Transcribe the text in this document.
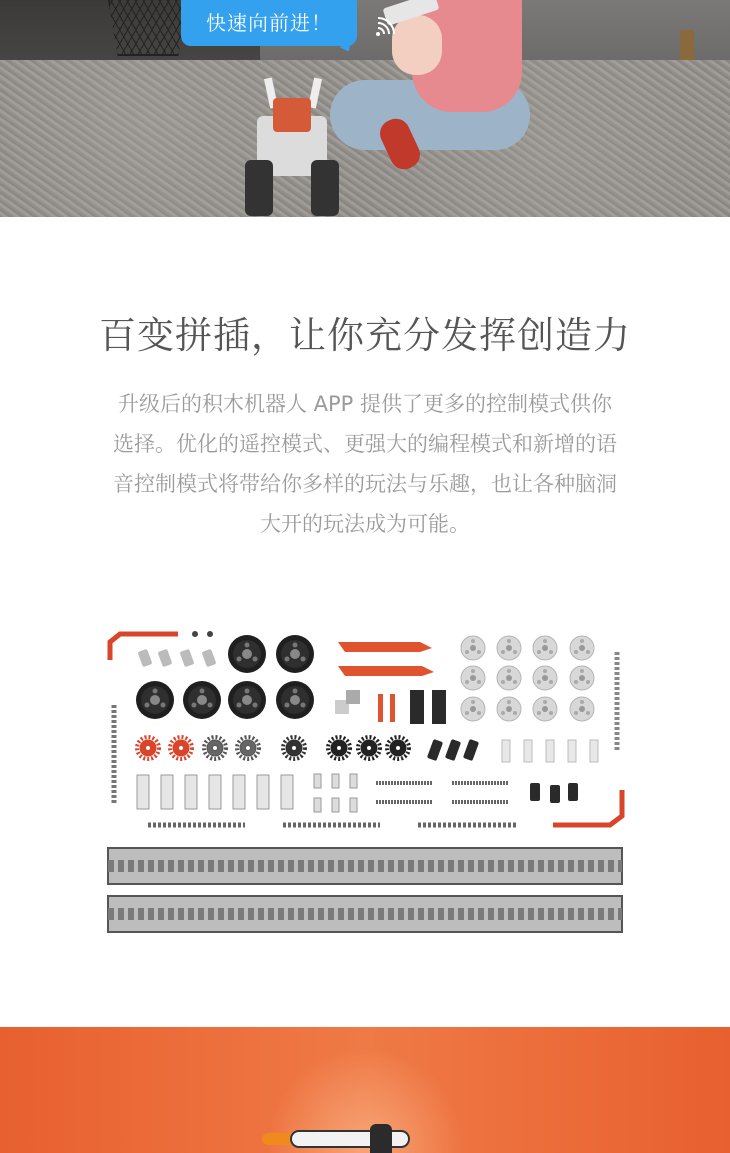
快速向前进！
百变拼插，让你充分发挥创造力
升级后的积木机器人 APP 提供了更多的控制模式供你
选择。优化的遥控模式、更强大的编程模式和新增的语
音控制模式将带给你多样的玩法与乐趣，也让各种脑洞
大开的玩法成为可能。
